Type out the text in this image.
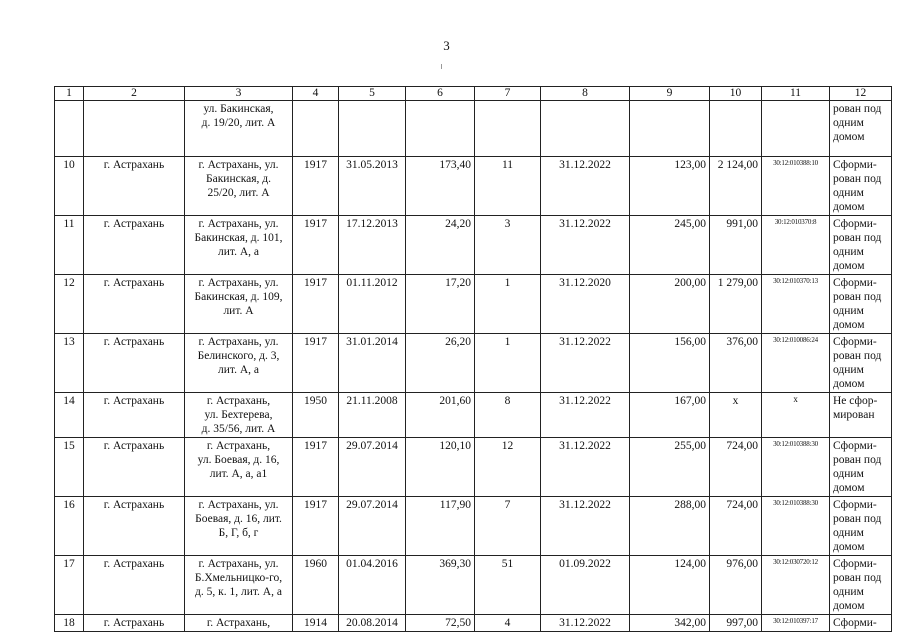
3
1	2	3	4	5	6	7	8	9	10	11	12
		ул. Бакинская,
д. 19/20, лит. А									рован под
одним
домом
10	г. Астрахань	г. Астрахань, ул.
Бакинская, д.
25/20, лит. А	1917	31.05.2013	173,40	11	31.12.2022	123,00	2 124,00	30:12:010388:10	Сформи-
рован под
одним
домом
11	г. Астрахань	г. Астрахань, ул.
Бакинская, д. 101,
лит. А, а	1917	17.12.2013	24,20	3	31.12.2022	245,00	991,00	30:12:010370:8	Сформи-
рован под
одним
домом
12	г. Астрахань	г. Астрахань, ул.
Бакинская, д. 109,
лит. А	1917	01.11.2012	17,20	1	31.12.2020	200,00	1 279,00	30:12:010370:13	Сформи-
рован под
одним
домом
13	г. Астрахань	г. Астрахань, ул.
Белинского, д. 3,
лит. А, а	1917	31.01.2014	26,20	1	31.12.2022	156,00	376,00	30:12:010086:24	Сформи-
рован под
одним
домом
14	г. Астрахань	г. Астрахань,
ул. Бехтерева,
д. 35/56, лит. А	1950	21.11.2008	201,60	8	31.12.2022	167,00	х	х	Не сфор-
мирован
15	г. Астрахань	г. Астрахань,
ул. Боевая, д. 16,
лит. А, а, а1	1917	29.07.2014	120,10	12	31.12.2022	255,00	724,00	30:12:010388:30	Сформи-
рован под
одним
домом
16	г. Астрахань	г. Астрахань, ул.
Боевая, д. 16, лит.
Б, Г, б, г	1917	29.07.2014	117,90	7	31.12.2022	288,00	724,00	30:12:010388:30	Сформи-
рован под
одним
домом
17	г. Астрахань	г. Астрахань, ул.
Б.Хмельницко-го,
д. 5, к. 1, лит. А, а	1960	01.04.2016	369,30	51	01.09.2022	124,00	976,00	30:12:030720:12	Сформи-
рован под
одним
домом
18	г. Астрахань	г. Астрахань,	1914	20.08.2014	72,50	4	31.12.2022	342,00	997,00	30:12:010397:17	Сформи-
